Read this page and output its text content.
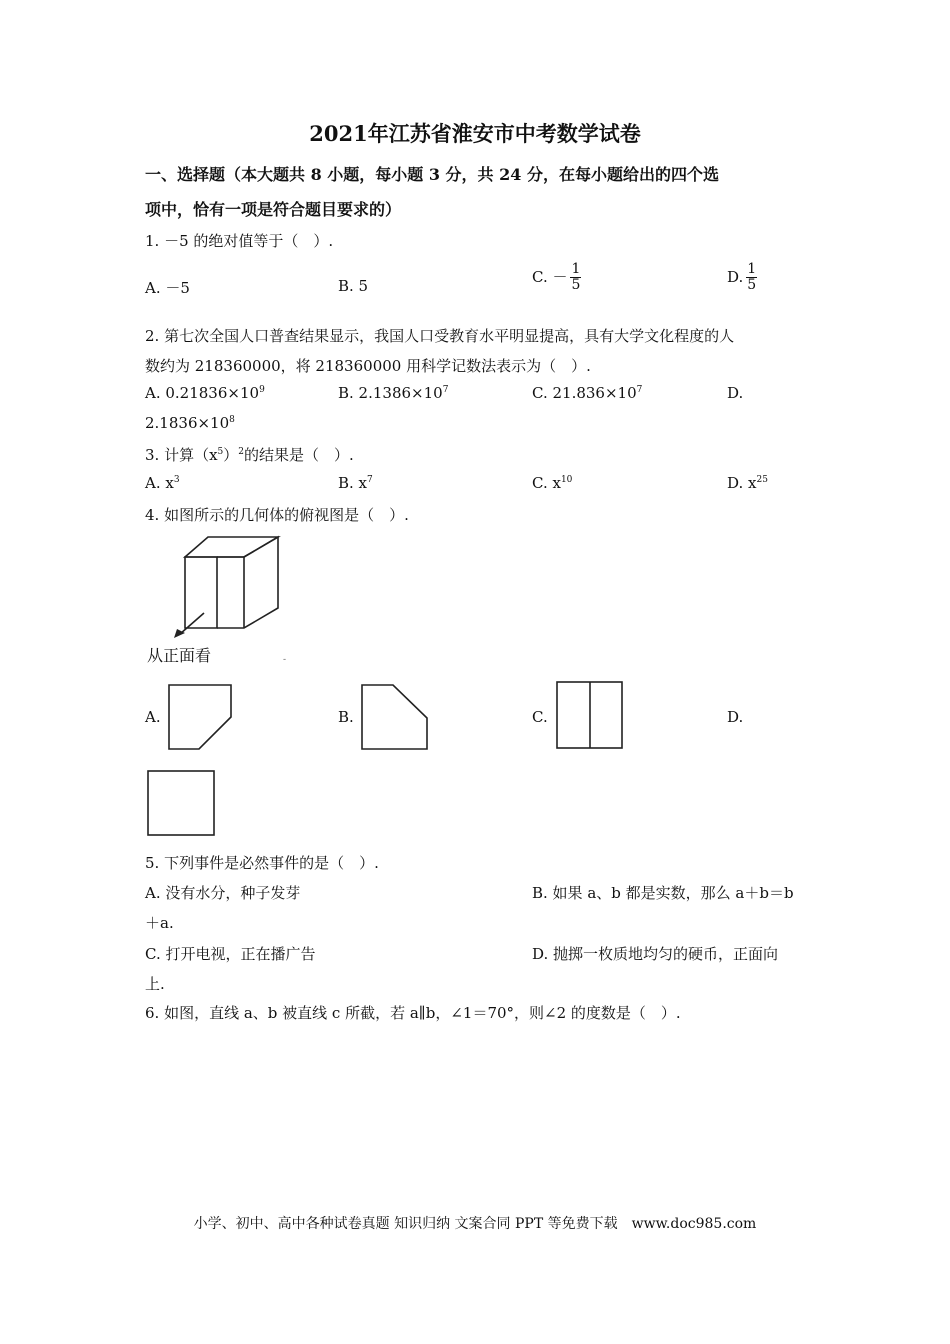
2021年江苏省淮安市中考数学试卷
一、选择题（本大题共 8 小题，每小题 3 分，共 24 分，在每小题给出的四个选
项中，恰有一项是符合题目要求的）
1. －5 的绝对值等于（　）.
A. －5	B. 5
C. － $\frac{1}{5}$	D. $\frac{1}{5}$
2. 第七次全国人口普查结果显示，我国人口受教育水平明显提高，具有大学文化程度的人
数约为 218360000，将 218360000 用科学记数法表示为（　）.
A. $0.21836\times 10^9$	B. $2.1386\times 10^7$	C. $21.836\times 10^7$	D.
$2.1836\times 10^8$
3. 计算$(x^5)^2$的结果是（　）.
A. $x^3$	B. $x^7$	C. $x^{10}$	D. $x^{25}$
4. 如图所示的几何体的俯视图是（　）.
从正面看	-
A.	B.	C.	D.
5. 下列事件是必然事件的是（　）.
A. 没有水分，种子发芽	B. 如果 a、b 都是实数，那么 a＋b＝b
＋a.
C. 打开电视，正在播广告	D. 抛掷一枚质地均匀的硬币，正面向
上.
6. 如图，直线 a、b 被直线 c 所截，若 a∥b，∠1＝70°，则∠2 的度数是（　）.
小学、初中、高中各种试卷真题 知识归纳 文案合同 PPT 等免费下载　www.doc985.com
